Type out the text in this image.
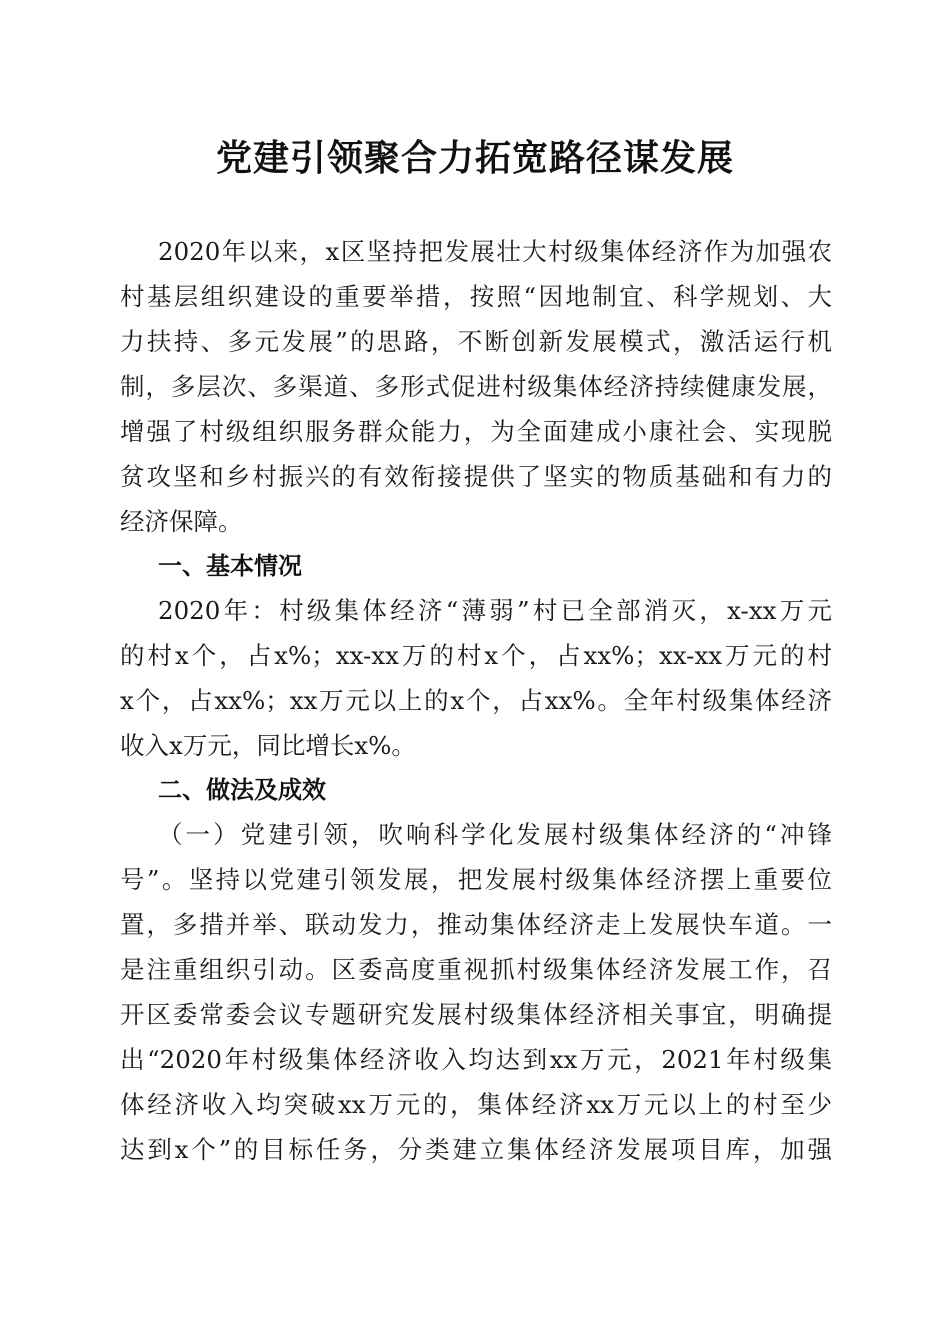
党建引领聚合力拓宽路径谋发展
2020年以来，x区坚持把发展壮大村级集体经济作为加强农
村基层组织建设的重要举措，按照“因地制宜、科学规划、大
力扶持、多元发展”的思路，不断创新发展模式，激活运行机
制，多层次、多渠道、多形式促进村级集体经济持续健康发展，
增强了村级组织服务群众能力，为全面建成小康社会、实现脱
贫攻坚和乡村振兴的有效衔接提供了坚实的物质基础和有力的
经济保障。
一、基本情况
2020年：村级集体经济“薄弱”村已全部消灭，x-xx万元
的村x个，占x%；xx-xx万的村x个，占xx%；xx-xx万元的村
x个，占xx%；xx万元以上的x个，占xx%。全年村级集体经济
收入x万元，同比增长x%。
二、做法及成效
（一）党建引领，吹响科学化发展村级集体经济的“冲锋
号”。坚持以党建引领发展，把发展村级集体经济摆上重要位
置，多措并举、联动发力，推动集体经济走上发展快车道。一
是注重组织引动。区委高度重视抓村级集体经济发展工作，召
开区委常委会议专题研究发展村级集体经济相关事宜，明确提
出“2020年村级集体经济收入均达到xx万元，2021年村级集
体经济收入均突破xx万元的，集体经济xx万元以上的村至少
达到x个”的目标任务，分类建立集体经济发展项目库，加强
